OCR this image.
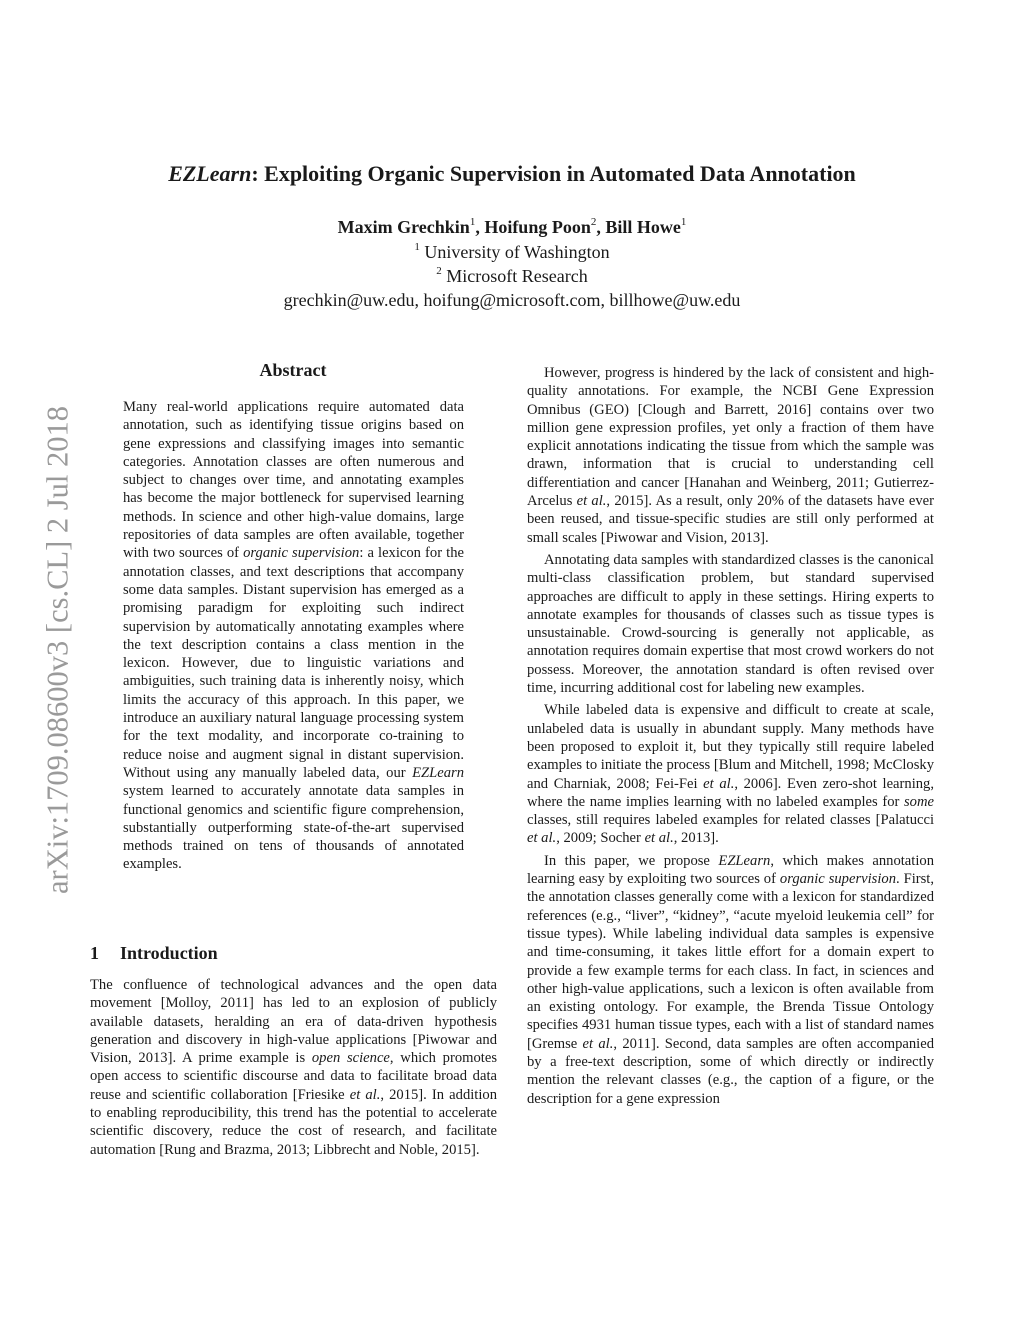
arXiv:1709.08600v3 [cs.CL] 2 Jul 2018
EZLearn: Exploiting Organic Supervision in Automated Data Annotation
Maxim Grechkin$^1$, Hoifung Poon$^2$, Bill Howe$^1$
$^1$ University of Washington
$^2$ Microsoft Research
grechkin@uw.edu, hoifung@microsoft.com, billhowe@uw.edu
Abstract
Many real-world applications require automated data annotation, such as identifying tissue origins based on gene expressions and classifying images into semantic categories. Annotation classes are often numerous and subject to changes over time, and annotating examples has become the major bottleneck for supervised learning methods. In science and other high-value domains, large repositories of data samples are often available, together with two sources of organic supervision: a lexicon for the annotation classes, and text descriptions that accompany some data samples. Distant supervision has emerged as a promising paradigm for exploiting such indirect supervision by automatically annotating examples where the text description contains a class mention in the lexicon. However, due to linguistic variations and ambiguities, such training data is inherently noisy, which limits the accuracy of this approach. In this paper, we introduce an auxiliary natural language processing system for the text modality, and incorporate co-training to reduce noise and augment signal in distant supervision. Without using any manually labeled data, our EZLearn system learned to accurately annotate data samples in functional genomics and scientific figure comprehension, substantially outperforming state-of-the-art supervised methods trained on tens of thousands of annotated examples.
1 Introduction
The confluence of technological advances and the open data movement [Molloy, 2011] has led to an explosion of publicly available datasets, heralding an era of data-driven hypothesis generation and discovery in high-value applications [Piwowar and Vision, 2013]. A prime example is open science, which promotes open access to scientific discourse and data to facilitate broad data reuse and scientific collaboration [Friesike et al., 2015]. In addition to enabling reproducibility, this trend has the potential to accelerate scientific discovery, reduce the cost of research, and facilitate automation [Rung and Brazma, 2013; Libbrecht and Noble, 2015].

However, progress is hindered by the lack of consistent and high-quality annotations. For example, the NCBI Gene Expression Omnibus (GEO) [Clough and Barrett, 2016] contains over two million gene expression profiles, yet only a fraction of them have explicit annotations indicating the tissue from which the sample was drawn, information that is crucial to understanding cell differentiation and cancer [Hanahan and Weinberg, 2011; Gutierrez-Arcelus et al., 2015]. As a result, only 20% of the datasets have ever been reused, and tissue-specific studies are still only performed at small scales [Piwowar and Vision, 2013].

Annotating data samples with standardized classes is the canonical multi-class classification problem, but standard supervised approaches are difficult to apply in these settings. Hiring experts to annotate examples for thousands of classes such as tissue types is unsustainable. Crowd-sourcing is generally not applicable, as annotation requires domain expertise that most crowd workers do not possess. Moreover, the annotation standard is often revised over time, incurring additional cost for labeling new examples.

While labeled data is expensive and difficult to create at scale, unlabeled data is usually in abundant supply. Many methods have been proposed to exploit it, but they typically still require labeled examples to initiate the process [Blum and Mitchell, 1998; McClosky and Charniak, 2008; Fei-Fei et al., 2006]. Even zero-shot learning, where the name implies learning with no labeled examples for some classes, still requires labeled examples for related classes [Palatucci et al., 2009; Socher et al., 2013].

In this paper, we propose EZLearn, which makes annotation learning easy by exploiting two sources of organic supervision. First, the annotation classes generally come with a lexicon for standardized references (e.g., “liver”, “kidney”, “acute myeloid leukemia cell” for tissue types). While labeling individual data samples is expensive and time-consuming, it takes little effort for a domain expert to provide a few example terms for each class. In fact, in sciences and other high-value applications, such a lexicon is often available from an existing ontology. For example, the Brenda Tissue Ontology specifies 4931 human tissue types, each with a list of standard names [Gremse et al., 2011]. Second, data samples are often accompanied by a free-text description, some of which directly or indirectly mention the relevant classes (e.g., the caption of a figure, or the description for a gene expression
